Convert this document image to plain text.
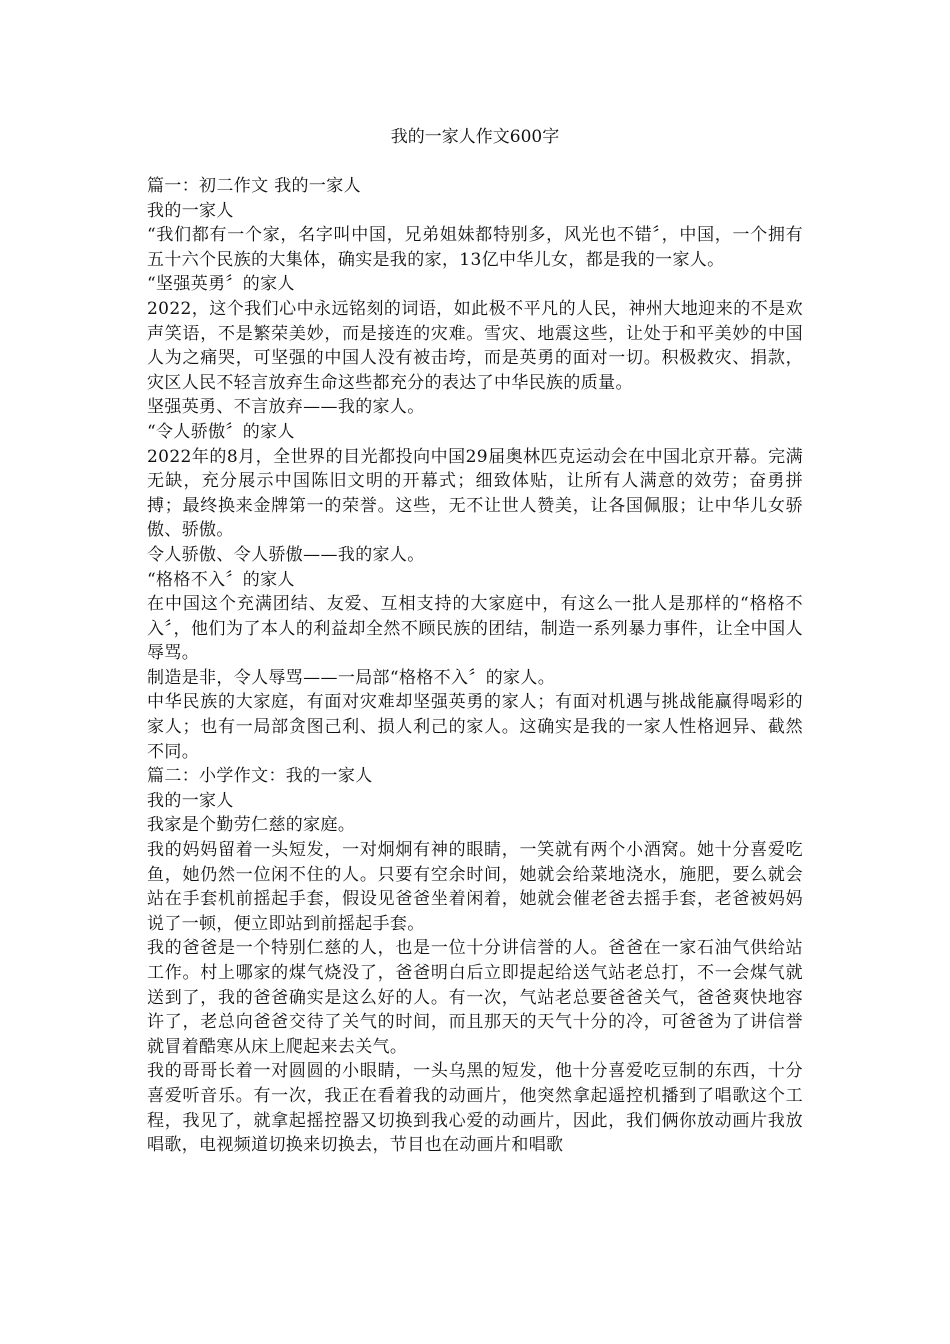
我的一家人作文600字

篇一：初二作文 我的一家人

我的一家人

“我们都有一个家，名字叫中国，兄弟姐妹都特别多，风光也不错〞，中国，一个拥有五十六个民族的大集体，确实是我的家，13亿中华儿女，都是我的一家人。

“坚强英勇〞的家人

2022，这个我们心中永远铭刻的词语，如此极不平凡的人民，神州大地迎来的不是欢声笑语，不是繁荣美妙，而是接连的灾难。雪灾、地震这些，让处于和平美妙的中国人为之痛哭，可坚强的中国人没有被击垮，而是英勇的面对一切。积极救灾、捐款，灾区人民不轻言放弃生命这些都充分的表达了中华民族的质量。

坚强英勇、不言放弃——我的家人。

“令人骄傲〞的家人

2022年的8月，全世界的目光都投向中国29届奥林匹克运动会在中国北京开幕。完满无缺，充分展示中国陈旧文明的开幕式；细致体贴，让所有人满意的效劳；奋勇拼搏；最终换来金牌第一的荣誉。这些，无不让世人赞美，让各国佩服；让中华儿女骄傲、骄傲。

令人骄傲、令人骄傲——我的家人。

“格格不入〞的家人

在中国这个充满团结、友爱、互相支持的大家庭中，有这么一批人是那样的“格格不入〞，他们为了本人的利益却全然不顾民族的团结，制造一系列暴力事件，让全中国人辱骂。

制造是非，令人辱骂——一局部“格格不入〞的家人。

中华民族的大家庭，有面对灾难却坚强英勇的家人；有面对机遇与挑战能赢得喝彩的家人；也有一局部贪图己利、损人利己的家人。这确实是我的一家人性格迥异、截然不同。

篇二：小学作文：我的一家人

我的一家人

我家是个勤劳仁慈的家庭。

我的妈妈留着一头短发，一对炯炯有神的眼睛，一笑就有两个小酒窝。她十分喜爱吃鱼，她仍然一位闲不住的人。只要有空余时间，她就会给菜地浇水，施肥，要么就会站在手套机前摇起手套，假设见爸爸坐着闲着，她就会催老爸去摇手套，老爸被妈妈说了一顿，便立即站到前摇起手套。

我的爸爸是一个特别仁慈的人，也是一位十分讲信誉的人。爸爸在一家石油气供给站工作。村上哪家的煤气烧没了，爸爸明白后立即提起给送气站老总打，不一会煤气就送到了，我的爸爸确实是这么好的人。有一次，气站老总要爸爸关气，爸爸爽快地容许了，老总向爸爸交待了关气的时间，而且那天的天气十分的冷，可爸爸为了讲信誉就冒着酷寒从床上爬起来去关气。

我的哥哥长着一对圆圆的小眼睛，一头乌黑的短发，他十分喜爱吃豆制的东西，十分喜爱听音乐。有一次，我正在看着我的动画片，他突然拿起遥控机播到了唱歌这个工程，我见了，就拿起摇控器又切换到我心爱的动画片，因此，我们俩你放动画片我放唱歌，电视频道切换来切换去，节目也在动画片和唱歌
